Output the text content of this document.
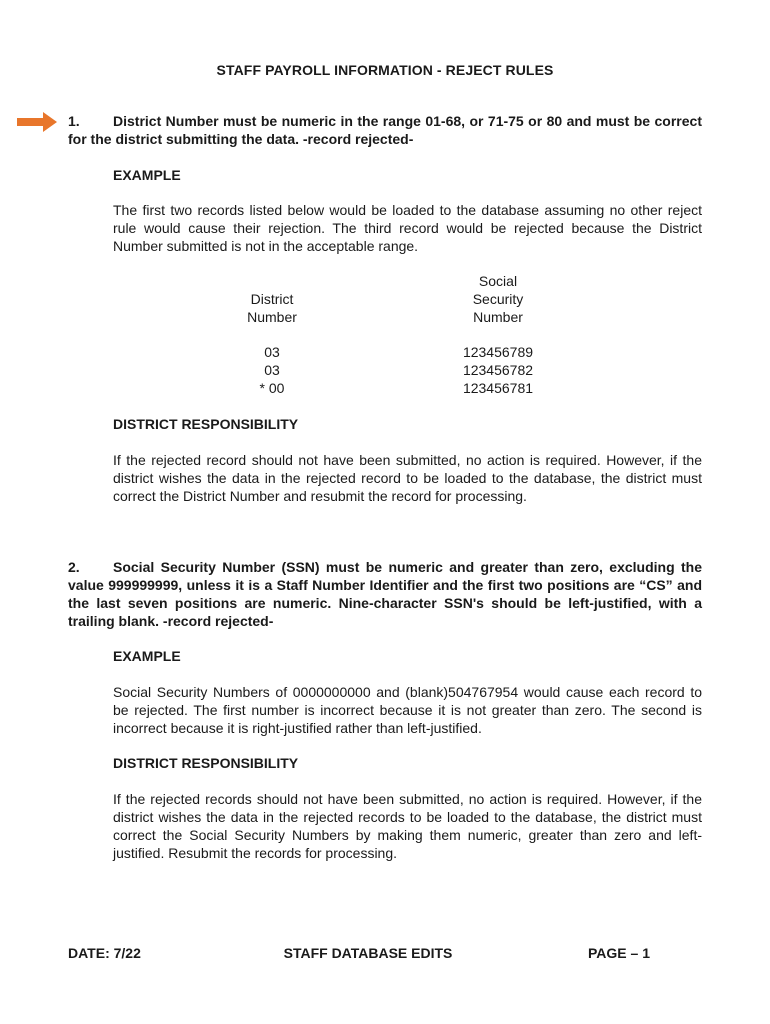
STAFF PAYROLL INFORMATION - REJECT RULES
1. District Number must be numeric in the range 01-68, or 71-75 or 80 and must be correct for the district submitting the data. -record rejected-
EXAMPLE
The first two records listed below would be loaded to the database assuming no other reject rule would cause their rejection. The third record would be rejected because the District Number submitted is not in the acceptable range.
District
Number
Social
Security
Number
03
03
* 00
123456789
123456782
123456781
DISTRICT RESPONSIBILITY
If the rejected record should not have been submitted, no action is required. However, if the district wishes the data in the rejected record to be loaded to the database, the district must correct the District Number and resubmit the record for processing.
2. Social Security Number (SSN) must be numeric and greater than zero, excluding the value 999999999, unless it is a Staff Number Identifier and the first two positions are “CS” and the last seven positions are numeric. Nine-character SSN's should be left-justified, with a trailing blank. -record rejected-
EXAMPLE
Social Security Numbers of 0000000000 and (blank)504767954 would cause each record to be rejected. The first number is incorrect because it is not greater than zero. The second is incorrect because it is right-justified rather than left-justified.
DISTRICT RESPONSIBILITY
If the rejected records should not have been submitted, no action is required. However, if the district wishes the data in the rejected records to be loaded to the database, the district must correct the Social Security Numbers by making them numeric, greater than zero and left-justified. Resubmit the records for processing.
DATE: 7/22	STAFF DATABASE EDITS	PAGE – 1
